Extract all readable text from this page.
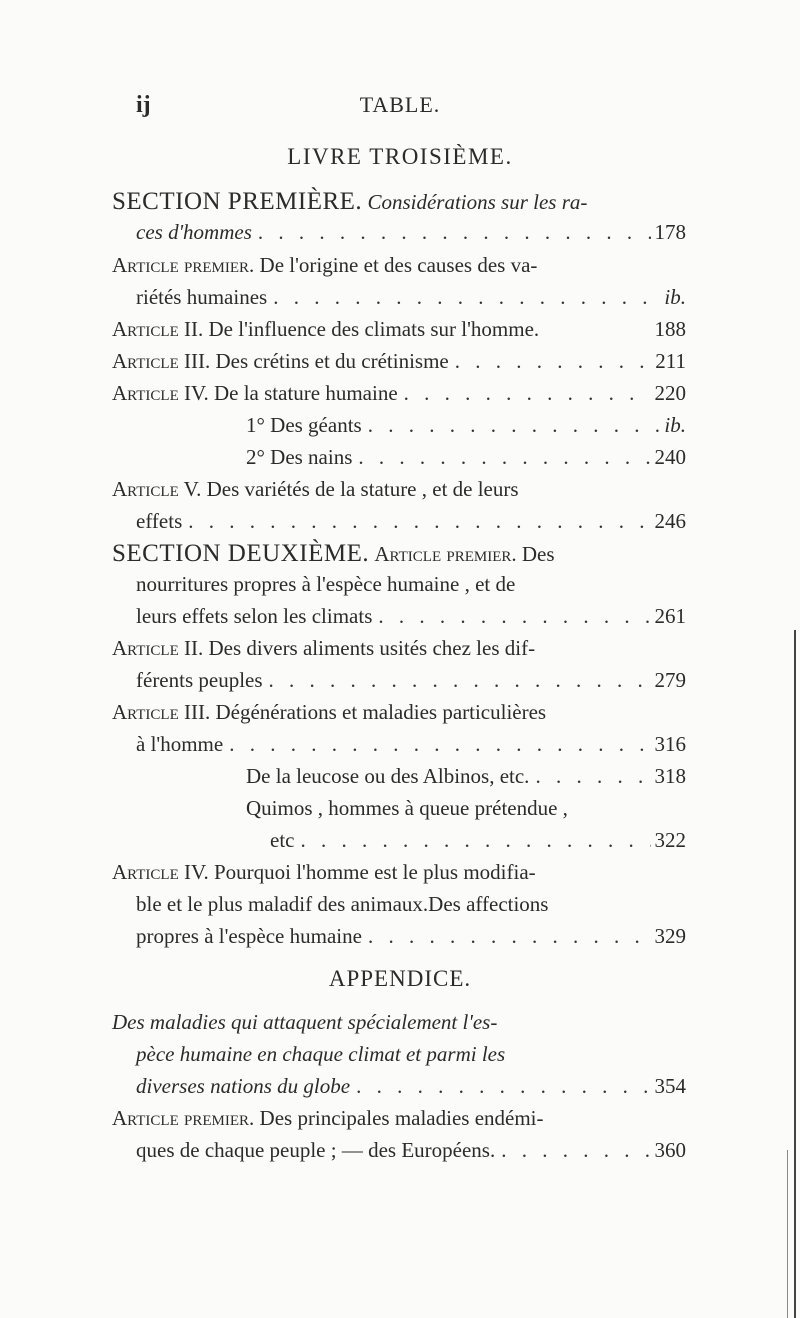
ij	TABLE.
LIVRE TROISIÈME.
SECTION PREMIÈRE. Considérations sur les ra-
ces d'hommes . . .	178
Article premier. De l'origine et des causes des va-
riétés humaines . . .	ib.
Article II. De l'influence des climats sur l'homme.	188
Article III. Des crétins et du crétinisme . . .	211
Article IV. De la stature humaine . . .	220
1° Des géants . . .	ib.
2° Des nains . . .	240
Article V. Des variétés de la stature , et de leurs
effets . . .	246
SECTION DEUXIÈME. Article premier. Des
nourritures propres à l'espèce humaine , et de
leurs effets selon les climats . . .	261
Article II. Des divers aliments usités chez les dif-
férents peuples . . .	279
Article III. Dégénérations et maladies particulières
à l'homme . . .	316
De la leucose ou des Albinos, etc. . . .	318
Quimos , hommes à queue prétendue ,
etc . . .	322
Article IV. Pourquoi l'homme est le plus modifia-
ble et le plus maladif des animaux.Des affections
propres à l'espèce humaine . . .	329
APPENDICE.
Des maladies qui attaquent spécialement l'es-
pèce humaine en chaque climat et parmi les
diverses nations du globe . . .	354
Article premier. Des principales maladies endémi-
ques de chaque peuple ; — des Européens. . . .	360
